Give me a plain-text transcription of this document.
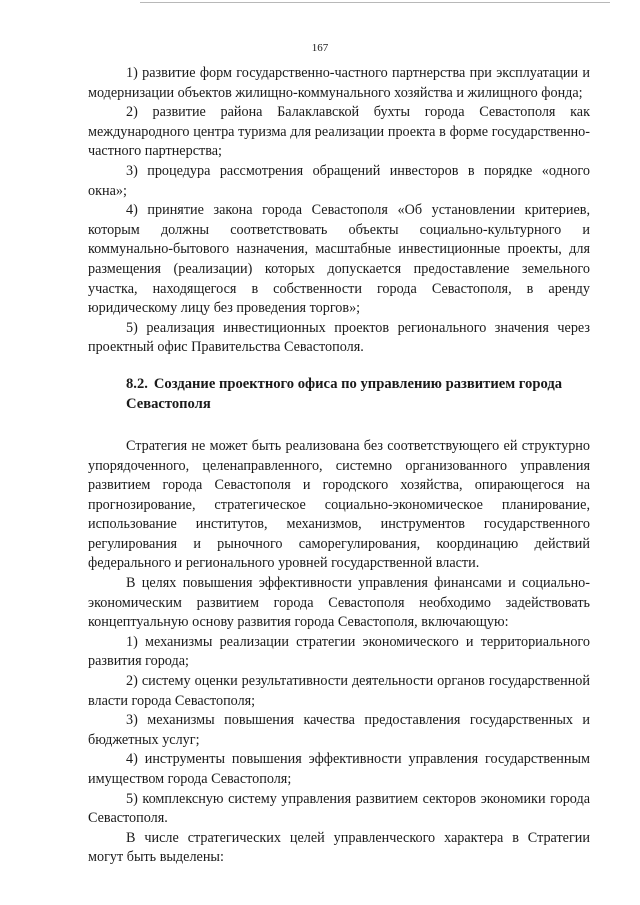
167

1) развитие форм государственно-частного партнерства при эксплуатации и модернизации объектов жилищно-коммунального хозяйства и жилищного фонда;

2) развитие района Балаклавской бухты города Севастополя как международного центра туризма для реализации проекта в форме государственно-частного партнерства;

3) процедура рассмотрения обращений инвесторов в порядке «одного окна»;

4) принятие закона города Севастополя «Об установлении критериев, которым должны соответствовать объекты социально-культурного и коммунально-бытового назначения, масштабные инвестиционные проекты, для размещения (реализации) которых допускается предоставление земельного участка, находящегося в собственности города Севастополя, в аренду юридическому лицу без проведения торгов»;

5) реализация инвестиционных проектов регионального значения через проектный офис Правительства Севастополя.

8.2. Создание проектного офиса по управлению развитием города Севастополя

Стратегия не может быть реализована без соответствующего ей структурно упорядоченного, целенаправленного, системно организованного управления развитием города Севастополя и городского хозяйства, опирающегося на прогнозирование, стратегическое социально-экономическое планирование, использование институтов, механизмов, инструментов государственного регулирования и рыночного саморегулирования, координацию действий федерального и регионального уровней государственной власти.

В целях повышения эффективности управления финансами и социально-экономическим развитием города Севастополя необходимо задействовать концептуальную основу развития города Севастополя, включающую:

1) механизмы реализации стратегии экономического и территориального развития города;

2) систему оценки результативности деятельности органов государственной власти города Севастополя;

3) механизмы повышения качества предоставления государственных и бюджетных услуг;

4) инструменты повышения эффективности управления государственным имуществом города Севастополя;

5) комплексную систему управления развитием секторов экономики города Севастополя.

В числе стратегических целей управленческого характера в Стратегии могут быть выделены:
